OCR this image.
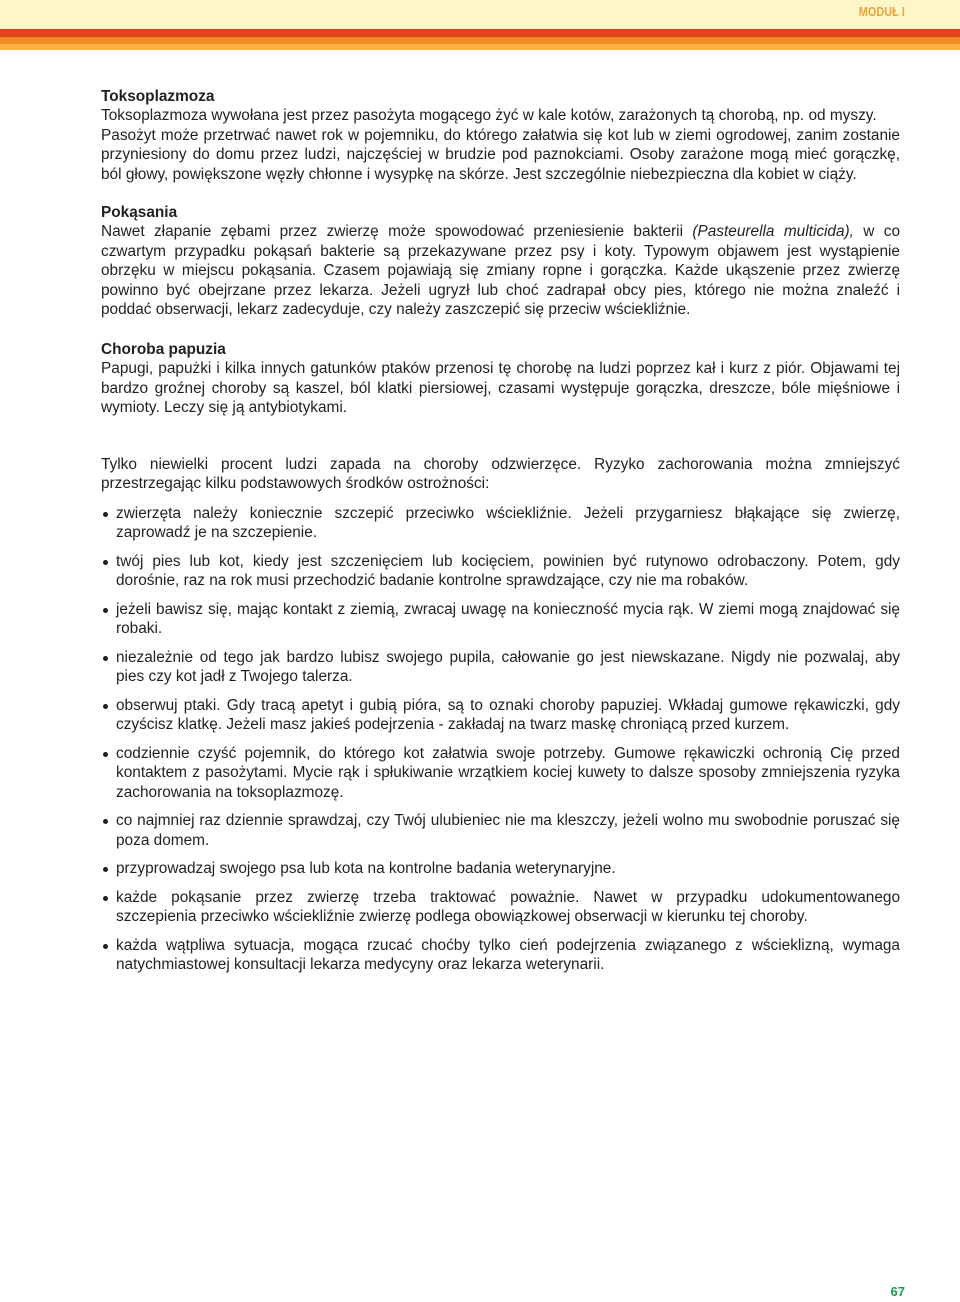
MODUŁ I
Toksoplazmoza
Toksoplazmoza wywołana jest przez pasożyta mogącego żyć w kale kotów, zarażonych tą chorobą, np. od myszy.
Pasożyt może przetrwać nawet rok w pojemniku, do którego załatwia się kot lub w ziemi ogrodowej, zanim zostanie
przyniesiony do domu przez ludzi, najczęściej w brudzie pod paznokciami. Osoby zarażone mogą mieć gorączkę,
ból głowy, powiększone węzły chłonne i wysypkę na skórze. Jest szczególnie niebezpieczna dla kobiet w ciąży.
Pokąsania
Nawet złapanie zębami przez zwierzę może spowodować przeniesienie bakterii (Pasteurella multicida), w co
czwartym przypadku pokąsań bakterie są przekazywane przez psy i koty. Typowym objawem jest wystąpienie
obrzęku w miejscu pokąsania. Czasem pojawiają się zmiany ropne i gorączka. Każde ukąszenie przez zwierzę
powinno być obejrzane przez lekarza. Jeżeli ugryzł lub choć zadrapał obcy pies, którego nie można znaleźć i
poddać obserwacji, lekarz zadecyduje, czy należy zaszczepić się przeciw wściekliźnie.
Choroba papuzia
Papugi, papużki i kilka innych gatunków ptaków przenosi tę chorobę na ludzi poprzez kał i kurz z piór. Objawami tej
bardzo groźnej choroby są kaszel, ból klatki piersiowej, czasami występuje gorączka, dreszcze, bóle mięśniowe i
wymioty. Leczy się ją antybiotykami.
Tylko niewielki procent ludzi zapada na choroby odzwierzęce. Ryzyko zachorowania można zmniejszyć
przestrzegając kilku podstawowych środków ostrożności:
zwierzęta należy koniecznie szczepić przeciwko wściekliźnie. Jeżeli przygarniesz błąkające się zwierzę,
zaprowadź je na szczepienie.
twój pies lub kot, kiedy jest szczenięciem lub kocięciem, powinien być rutynowo odrobaczony. Potem, gdy
dorośnie, raz na rok musi przechodzić badanie kontrolne sprawdzające, czy nie ma robaków.
jeżeli bawisz się, mając kontakt z ziemią, zwracaj uwagę na konieczność mycia rąk. W ziemi mogą znajdować się
robaki.
niezależnie od tego jak bardzo lubisz swojego pupila, całowanie go jest niewskazane. Nigdy nie pozwalaj, aby
pies czy kot jadł z Twojego talerza.
obserwuj ptaki. Gdy tracą apetyt i gubią pióra, są to oznaki choroby papuziej. Wkładaj gumowe rękawiczki, gdy
czyścisz klatkę. Jeżeli masz jakieś podejrzenia - zakładaj na twarz maskę chroniącą przed kurzem.
codziennie czyść pojemnik, do którego kot załatwia swoje potrzeby. Gumowe rękawiczki ochronią Cię przed
kontaktem z pasożytami. Mycie rąk i spłukiwanie wrzątkiem kociej kuwety to dalsze sposoby zmniejszenia ryzyka
zachorowania na toksoplazmozę.
co najmniej raz dziennie sprawdzaj, czy Twój ulubieniec nie ma kleszczy, jeżeli wolno mu swobodnie poruszać się
poza domem.
przyprowadzaj swojego psa lub kota na kontrolne badania weterynaryjne.
każde pokąsanie przez zwierzę trzeba traktować poważnie. Nawet w przypadku udokumentowanego
szczepienia przeciwko wściekliźnie zwierzę podlega obowiązkowej obserwacji w kierunku tej choroby.
każda wątpliwa sytuacja, mogąca rzucać choćby tylko cień podejrzenia związanego z wścieklizną, wymaga
natychmiastowej konsultacji lekarza medycyny oraz lekarza weterynarii.
67
